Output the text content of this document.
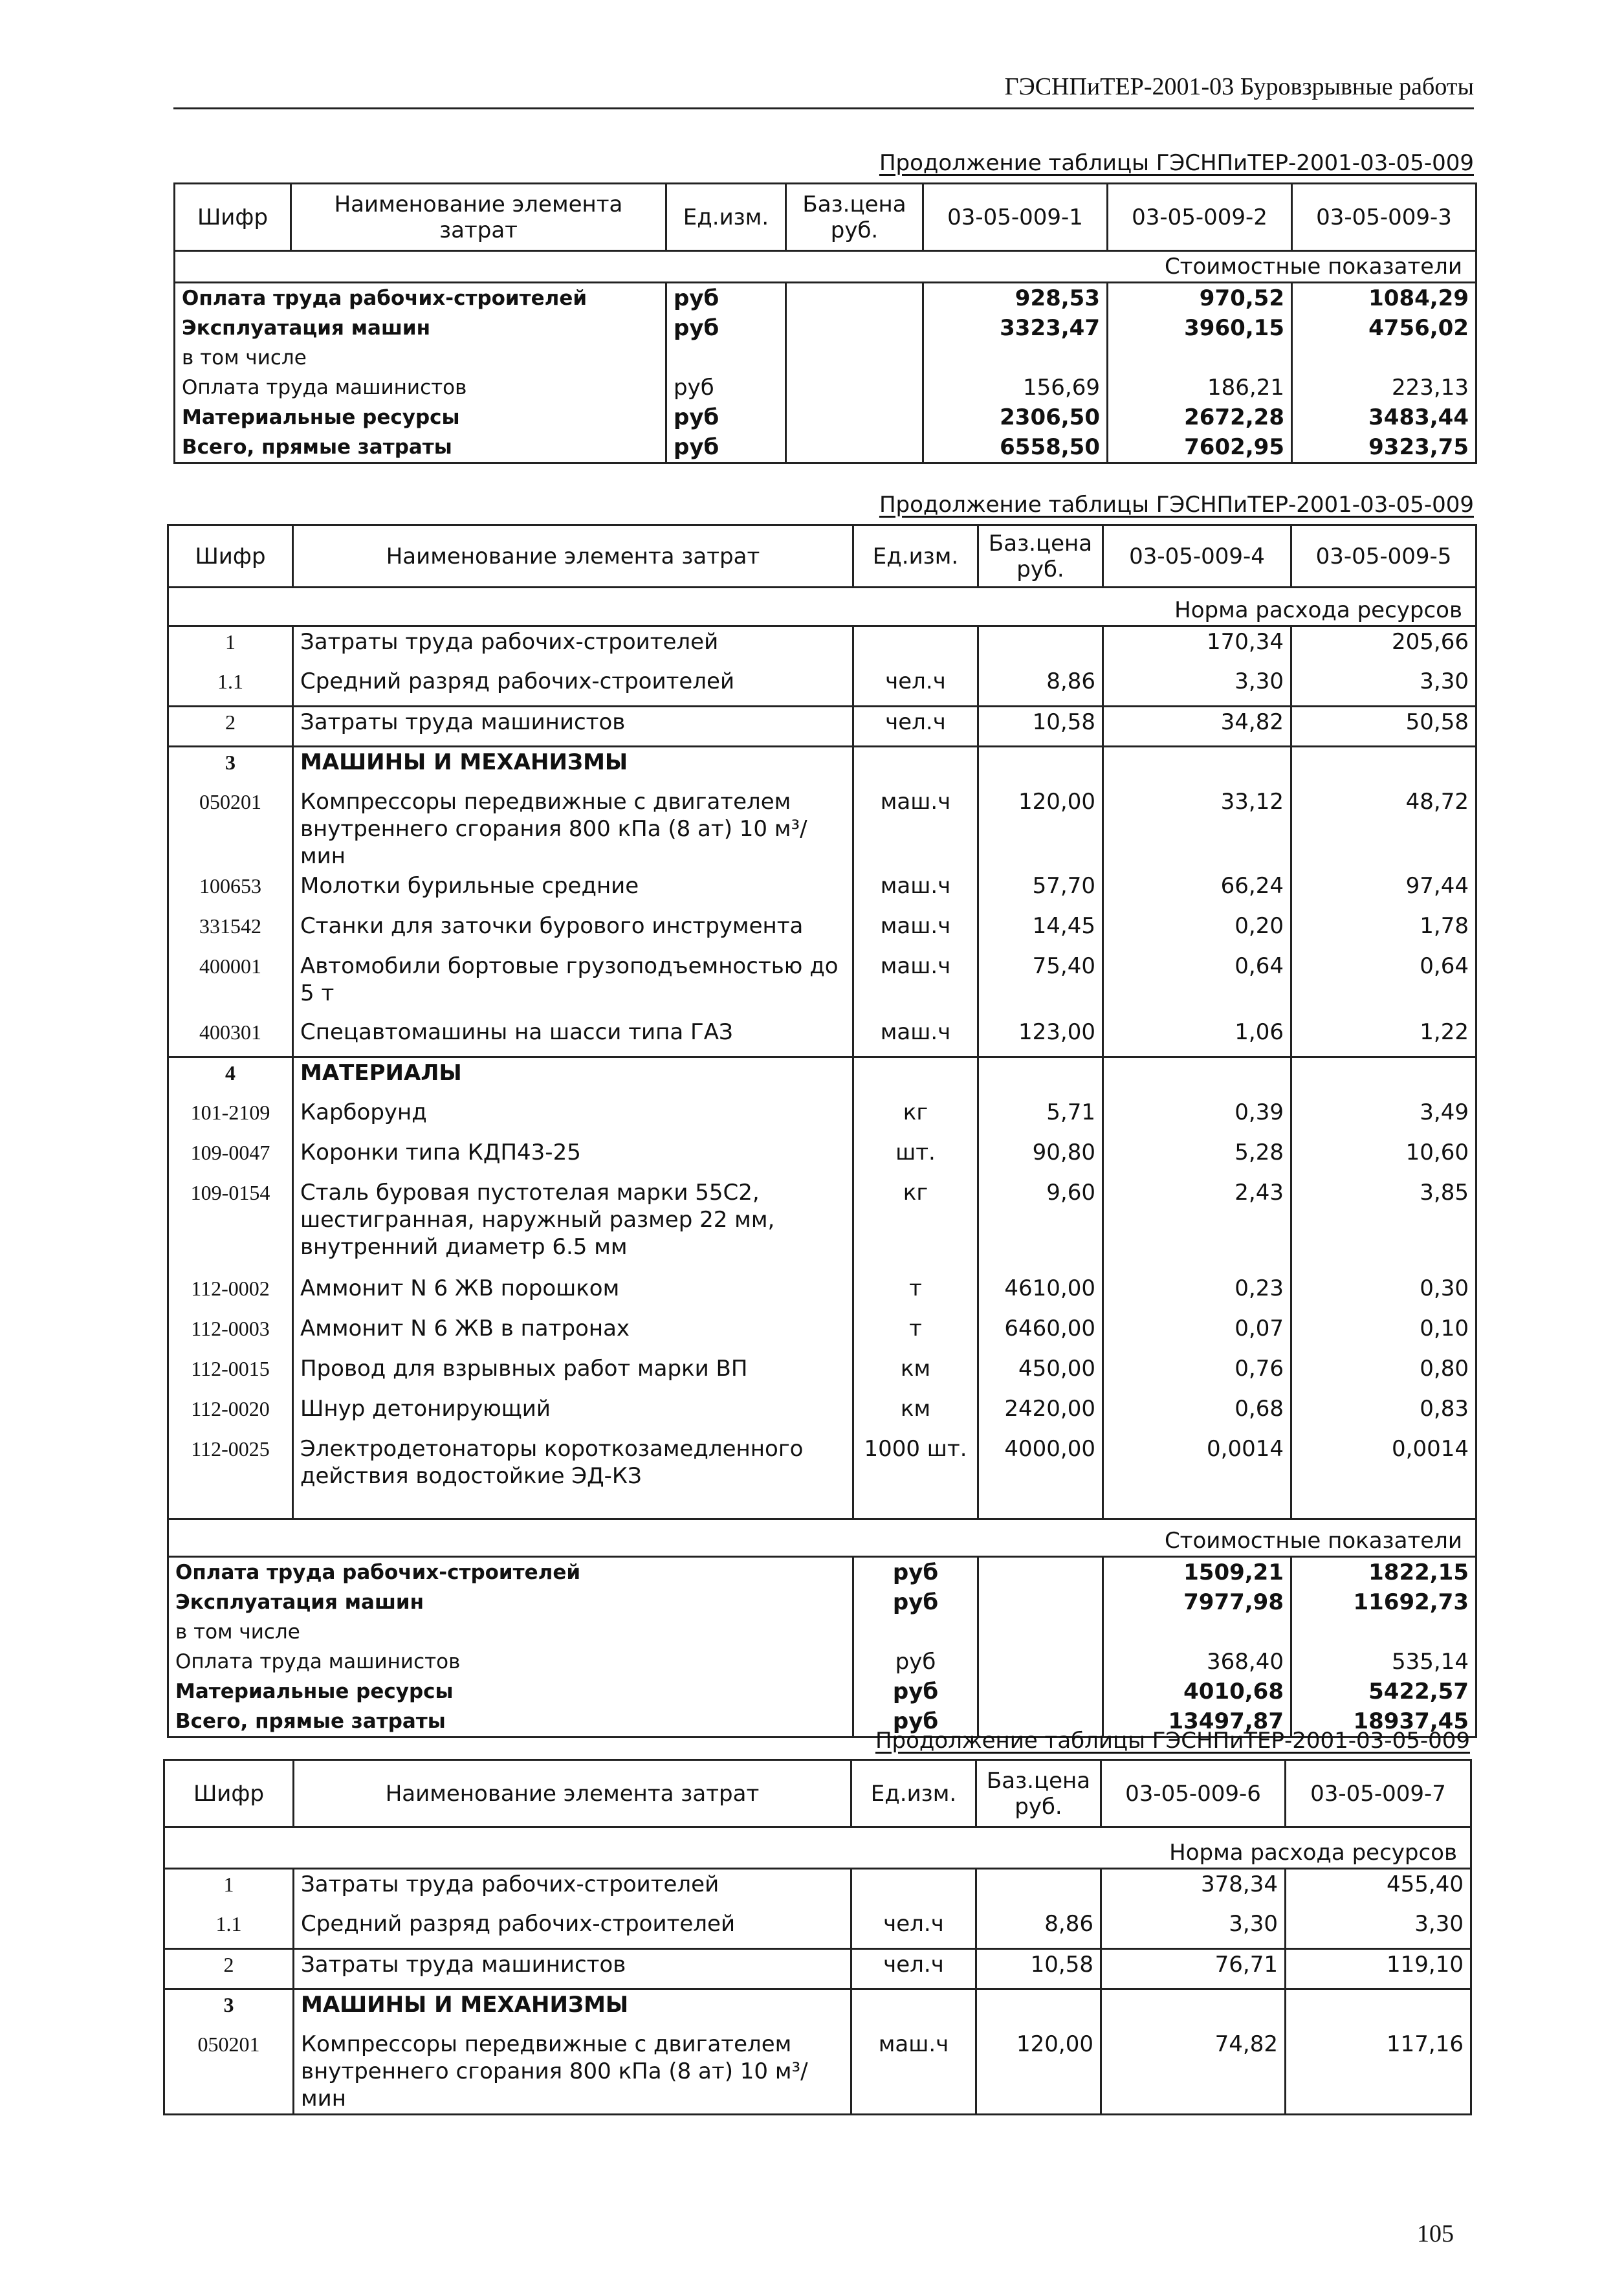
ГЭСНПиТЕР-2001-03 Буровзрывные работы
Продолжение таблицы ГЭСНПиТЕР-2001-03-05-009
Шифр	Наименование элемента затрат	Ед.изм.	Баз.цена руб.	03-05-009-1	03-05-009-2	03-05-009-3
Стоимостные показатели						
Оплата труда рабочих-строителей		руб		928,53	970,52	1084,29
Эксплуатация машин		руб		3323,47	3960,15	4756,02
в том числе						
Оплата труда машинистов		руб		156,69	186,21	223,13
Материальные ресурсы		руб		2306,50	2672,28	3483,44
Всего, прямые затраты		руб		6558,50	7602,95	9323,75
Продолжение таблицы ГЭСНПиТЕР-2001-03-05-009
Шифр	Наименование элемента затрат	Ед.изм.	Баз.цена руб.	03-05-009-4	03-05-009-5
Норма расхода ресурсов					
1	Затраты труда рабочих-строителей			170,34	205,66
1.1	Средний разряд рабочих-строителей	чел.ч	8,86	3,30	3,30
2	Затраты труда машинистов	чел.ч	10,58	34,82	50,58
3	МАШИНЫ И МЕХАНИЗМЫ				
050201	Компрессоры передвижные с двигателем внутреннего сгорания 800 кПа (8 ат) 10 м³/мин	маш.ч	120,00	33,12	48,72
100653	Молотки бурильные средние	маш.ч	57,70	66,24	97,44
331542	Станки для заточки бурового инструмента	маш.ч	14,45	0,20	1,78
400001	Автомобили бортовые грузоподъемностью до 5 т	маш.ч	75,40	0,64	0,64
400301	Спецавтомашины на шасси типа ГАЗ	маш.ч	123,00	1,06	1,22
4	МАТЕРИАЛЫ				
101-2109	Карборунд	кг	5,71	0,39	3,49
109-0047	Коронки типа КДП43-25	шт.	90,80	5,28	10,60
109-0154	Сталь буровая пустотелая марки 55С2, шестигранная, наружный размер 22 мм, внутренний диаметр 6.5 мм	кг	9,60	2,43	3,85
112-0002	Аммонит N 6 ЖВ порошком	т	4610,00	0,23	0,30
112-0003	Аммонит N 6 ЖВ в патронах	т	6460,00	0,07	0,10
112-0015	Провод для взрывных работ марки ВП	км	450,00	0,76	0,80
112-0020	Шнур детонирующий	км	2420,00	0,68	0,83
112-0025	Электродетонаторы короткозамедленного действия водостойкие ЭД-КЗ	1000 шт.	4000,00	0,0014	0,0014
Стоимостные показатели					
Оплата труда рабочих-строителей		руб		1509,21	1822,15
Эксплуатация машин		руб		7977,98	11692,73
в том числе					
Оплата труда машинистов		руб		368,40	535,14
Материальные ресурсы		руб		4010,68	5422,57
Всего, прямые затраты		руб		13497,87	18937,45
Продолжение таблицы ГЭСНПиТЕР-2001-03-05-009
Шифр	Наименование элемента затрат	Ед.изм.	Баз.цена руб.	03-05-009-6	03-05-009-7
Норма расхода ресурсов					
1	Затраты труда рабочих-строителей			378,34	455,40
1.1	Средний разряд рабочих-строителей	чел.ч	8,86	3,30	3,30
2	Затраты труда машинистов	чел.ч	10,58	76,71	119,10
3	МАШИНЫ И МЕХАНИЗМЫ				
050201	Компрессоры передвижные с двигателем внутреннего сгорания 800 кПа (8 ат) 10 м³/мин	маш.ч	120,00	74,82	117,16
105
